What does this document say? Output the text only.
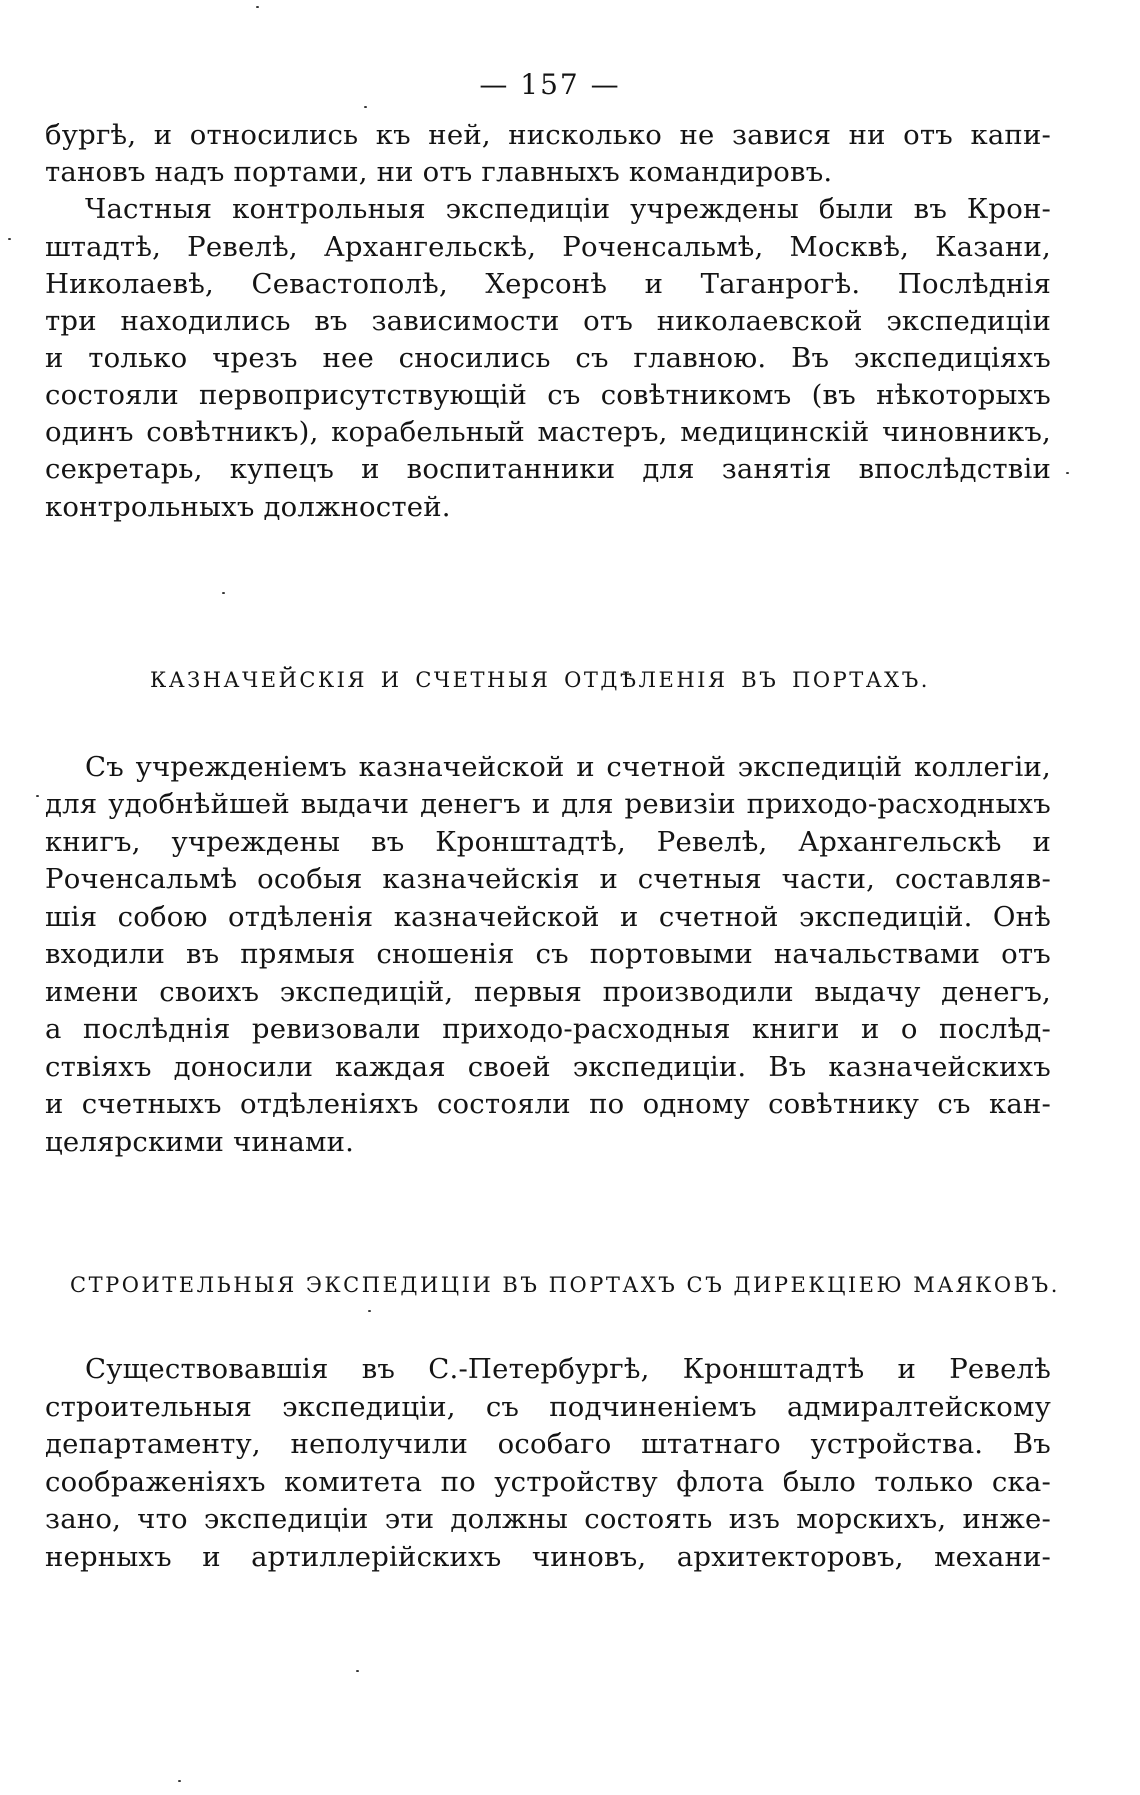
— 157 —
бургѣ, и относились къ ней, нисколько не завися ни отъ капи-
тановъ надъ портами, ни отъ главныхъ командировъ.
Частныя контрольныя экспедиціи учреждены были въ Крон-
штадтѣ, Ревелѣ, Архангельскѣ, Роченсальмѣ, Москвѣ, Казани,
Николаевѣ, Севастополѣ, Херсонѣ и Таганрогѣ. Послѣднія
три находились въ зависимости отъ николаевской экспедиціи
и только чрезъ нее сносились съ главною. Въ экспедиціяхъ
состояли первоприсутствующій съ совѣтникомъ (въ нѣкоторыхъ
одинъ совѣтникъ), корабельный мастеръ, медицинскій чиновникъ,
секретарь, купецъ и воспитанники для занятія впослѣдствіи
контрольныхъ должностей.
КАЗНАЧЕЙСКІЯ И СЧЕТНЫЯ ОТДѢЛЕНІЯ ВЪ ПОРТАХЪ.
Съ учрежденіемъ казначейской и счетной экспедицій коллегіи,
для удобнѣйшей выдачи денегъ и для ревизіи приходо-расходныхъ
книгъ, учреждены въ Кронштадтѣ, Ревелѣ, Архангельскѣ и
Роченсальмѣ особыя казначейскія и счетныя части, составляв-
шія собою отдѣленія казначейской и счетной экспедицій. Онѣ
входили въ прямыя сношенія съ портовыми начальствами отъ
имени своихъ экспедицій, первыя производили выдачу денегъ,
а послѣднія ревизовали приходо-расходныя книги и о послѣд-
ствіяхъ доносили каждая своей экспедиціи. Въ казначейскихъ
и счетныхъ отдѣленіяхъ состояли по одному совѣтнику съ кан-
целярскими чинами.
СТРОИТЕЛЬНЫЯ ЭКСПЕДИЦІИ ВЪ ПОРТАХЪ СЪ ДИРЕКЦІЕЮ МАЯКОВЪ.
Существовавшія въ С.-Петербургѣ, Кронштадтѣ и Ревелѣ
строительныя экспедиціи, съ подчиненіемъ адмиралтейскому
департаменту, неполучили особаго штатнаго устройства. Въ
соображеніяхъ комитета по устройству флота было только ска-
зано, что экспедиціи эти должны состоять изъ морскихъ, инже-
нерныхъ и артиллерійскихъ чиновъ, архитекторовъ, механи-
